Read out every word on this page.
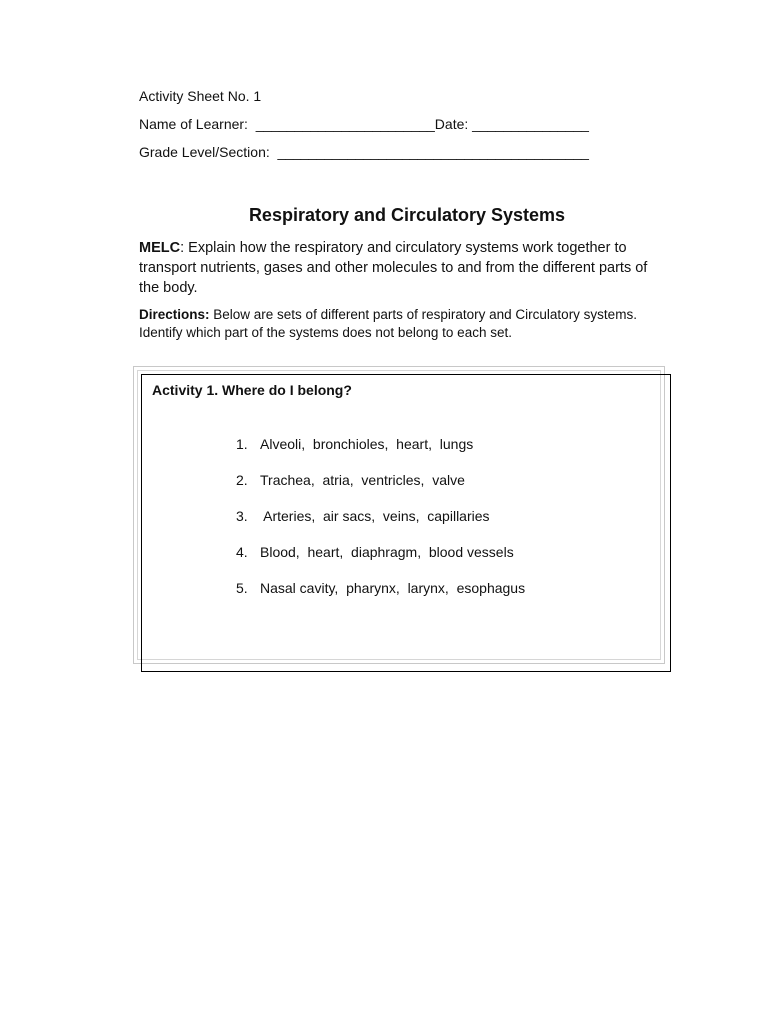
Activity Sheet No. 1
Name of Learner:  _______________________Date: _______________
Grade Level/Section:  ________________________________________
Respiratory and Circulatory Systems
MELC: Explain how the respiratory and circulatory systems work together to transport nutrients, gases and other molecules to and from the different parts of the body.
Directions: Below are sets of different parts of respiratory and Circulatory systems. Identify which part of the systems does not belong to each set.
Activity 1. Where do I belong?
1. Alveoli,  bronchioles,  heart,  lungs
2. Trachea,  atria,  ventricles,  valve
3. Arteries,  air sacs,  veins,  capillaries
4. Blood,  heart,  diaphragm,  blood vessels
5. Nasal cavity,  pharynx,  larynx,  esophagus
